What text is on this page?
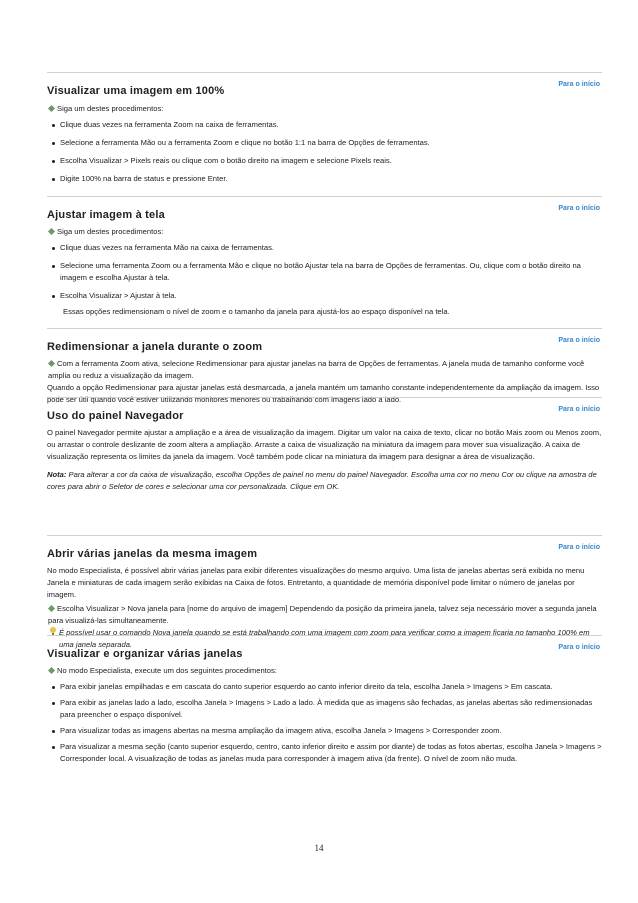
Para o início
Visualizar uma imagem em 100%

Siga um destes procedimentos:

Clique duas vezes na ferramenta Zoom na caixa de ferramentas.
Selecione a ferramenta Mão ou a ferramenta Zoom e clique no botão 1:1 na barra de Opções de ferramentas.
Escolha Visualizar > Pixels reais ou clique com o botão direito na imagem e selecione Pixels reais.
Digite 100% na barra de status e pressione Enter.
Para o início
Ajustar imagem à tela

Siga um destes procedimentos:

Clique duas vezes na ferramenta Mão na caixa de ferramentas.
Selecione uma ferramenta Zoom ou a ferramenta Mão e clique no botão Ajustar tela na barra de Opções de ferramentas. Ou, clique com o botão direito na imagem e escolha Ajustar à tela.
Escolha Visualizar > Ajustar à tela.

Essas opções redimensionam o nível de zoom e o tamanho da janela para ajustá-los ao espaço disponível na tela.

Para o início
Redimensionar a janela durante o zoom

Com a ferramenta Zoom ativa, selecione Redimensionar para ajustar janelas na barra de Opções de ferramentas. A janela muda de tamanho conforme você amplia ou reduz a visualização da imagem.

Quando a opção Redimensionar para ajustar janelas está desmarcada, a janela mantém um tamanho constante independentemente da ampliação da imagem. Isso pode ser útil quando você estiver utilizando monitores menores ou trabalhando com imagens lado a lado.

Para o início
Uso do painel Navegador

O painel Navegador permite ajustar a ampliação e a área de visualização da imagem. Digitar um valor na caixa de texto, clicar no botão Mais zoom ou Menos zoom, ou arrastar o controle deslizante de zoom altera a ampliação. Arraste a caixa de visualização na miniatura da imagem para mover sua visualização. A caixa de visualização representa os limites da janela da imagem. Você também pode clicar na miniatura da imagem para designar a área de visualização.

Nota: Para alterar a cor da caixa de visualização, escolha Opções de painel no menu do painel Navegador. Escolha uma cor no menu Cor ou clique na amostra de cores para abrir o Seletor de cores e selecionar uma cor personalizada. Clique em OK.

Para o início
Abrir várias janelas da mesma imagem

No modo Especialista, é possível abrir várias janelas para exibir diferentes visualizações do mesmo arquivo. Uma lista de janelas abertas será exibida no menu Janela e miniaturas de cada imagem serão exibidas na Caixa de fotos. Entretanto, a quantidade de memória disponível pode limitar o número de janelas por imagem.

Escolha Visualizar > Nova janela para [nome do arquivo de imagem] Dependendo da posição da primeira janela, talvez seja necessário mover a segunda janela para visualizá-las simultaneamente.

É possível usar o comando Nova janela quando se está trabalhando com uma imagem com zoom para verificar como a imagem ficaria no tamanho 100% em uma janela separada.	Para o início
Visualizar e organizar várias janelas

No modo Especialista, execute um dos seguintes procedimentos:

Para exibir janelas empilhadas e em cascata do canto superior esquerdo ao canto inferior direito da tela, escolha Janela > Imagens > Em cascata.
Para exibir as janelas lado a lado, escolha Janela > Imagens > Lado a lado. À medida que as imagens são fechadas, as janelas abertas são redimensionadas para preencher o espaço disponível.
Para visualizar todas as imagens abertas na mesma ampliação da imagem ativa, escolha Janela > Imagens > Corresponder zoom.
Para visualizar a mesma seção (canto superior esquerdo, centro, canto inferior direito e assim por diante) de todas as fotos abertas, escolha Janela > Imagens > Corresponder local. A visualização de todas as janelas muda para corresponder à imagem ativa (da frente). O nível de zoom não muda.
14
